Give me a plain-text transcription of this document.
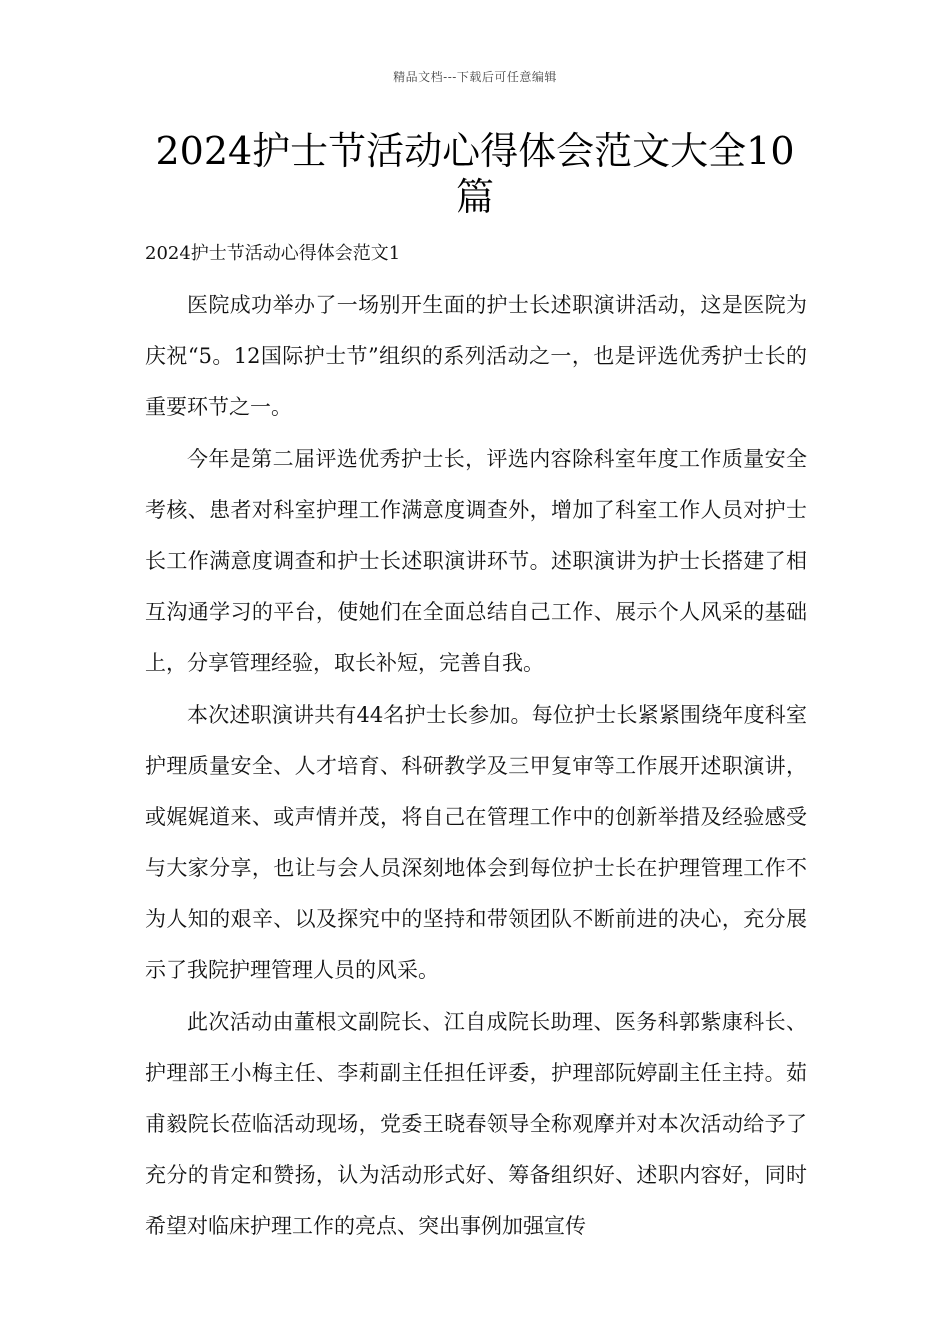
精品文档---下载后可任意编辑
2024护士节活动心得体会范文大全10篇
2024护士节活动心得体会范文1

医院成功举办了一场别开生面的护士长述职演讲活动，这是医院为庆祝“5。12国际护士节”组织的系列活动之一，也是评选优秀护士长的重要环节之一。

今年是第二届评选优秀护士长，评选内容除科室年度工作质量安全考核、患者对科室护理工作满意度调查外，增加了科室工作人员对护士长工作满意度调查和护士长述职演讲环节。述职演讲为护士长搭建了相互沟通学习的平台，使她们在全面总结自己工作、展示个人风采的基础上，分享管理经验，取长补短，完善自我。

本次述职演讲共有44名护士长参加。每位护士长紧紧围绕年度科室护理质量安全、人才培育、科研教学及三甲复审等工作展开述职演讲，或娓娓道来、或声情并茂，将自己在管理工作中的创新举措及经验感受与大家分享，也让与会人员深刻地体会到每位护士长在护理管理工作不为人知的艰辛、以及探究中的坚持和带领团队不断前进的决心，充分展示了我院护理管理人员的风采。

此次活动由董根文副院长、江自成院长助理、医务科郭紫康科长、护理部王小梅主任、李莉副主任担任评委，护理部阮婷副主任主持。茹甫毅院长莅临活动现场，党委王晓春领导全称观摩并对本次活动给予了充分的肯定和赞扬，认为活动形式好、筹备组织好、述职内容好，同时希望对临床护理工作的亮点、突出事例加强宣传
